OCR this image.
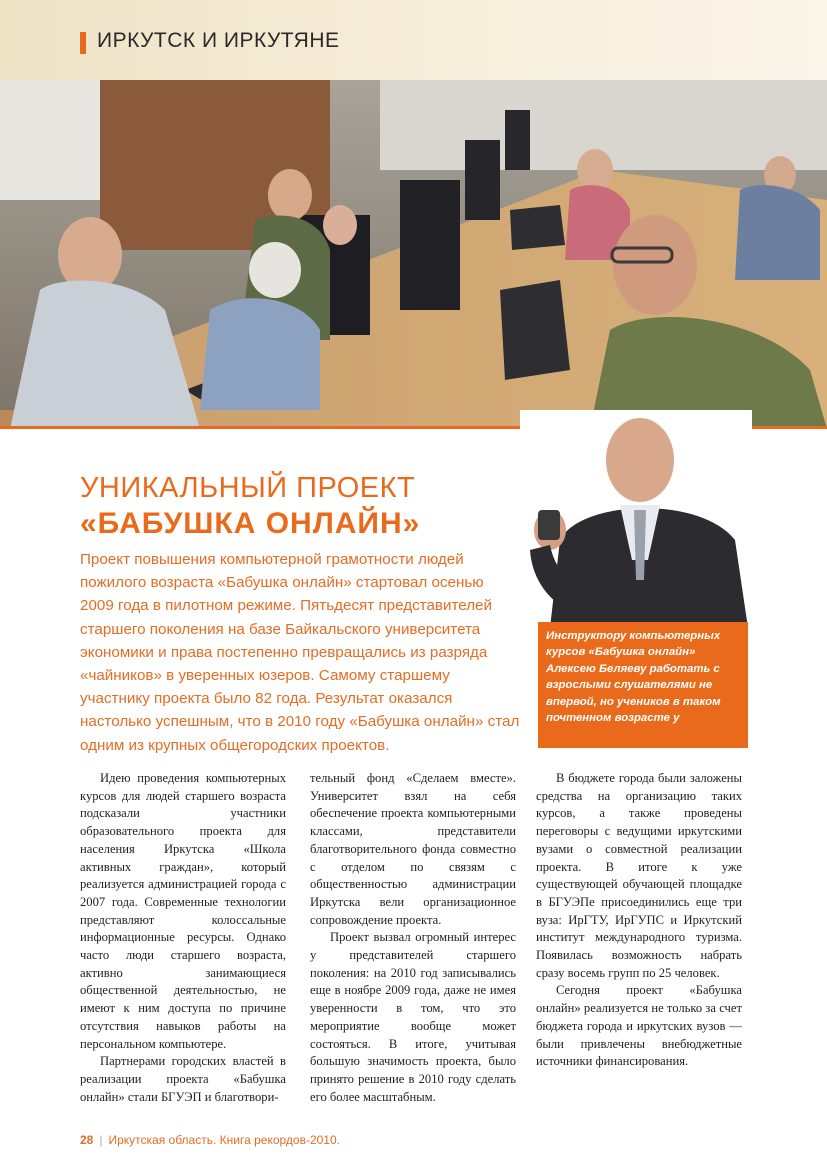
ИРКУТСК И ИРКУТЯНЕ
УНИКАЛЬНЫЙ ПРОЕКТ
«БАБУШКА ОНЛАЙН»
Проект повышения компьютерной грамотности людей пожилого возраста «Бабушка онлайн» стартовал осенью 2009 года в пилотном режиме. Пятьдесят представителей старшего поколения на базе Байкальского университета экономики и права постепенно превращались из разряда «чайников» в уверенных юзеров. Самому старшему участнику проекта было 82 года. Результат оказался настолько успешным, что в 2010 году «Бабушка онлайн» стал одним из крупных общегородских проектов.
Инструктору компьютерных курсов «Бабушка онлайн» Алексею Беляеву работать с взрослыми слушателями не впервой, но учеников в таком почтенном возрасте у

Идею проведения компьютерных курсов для людей старшего возраста подсказали участники образовательного проекта для населения Иркутска «Школа активных граждан», который реализуется администрацией города с 2007 года. Современные технологии представляют колоссальные информационные ресурсы. Однако часто люди старшего возраста, активно занимающиеся общественной деятельностью, не имеют к ним доступа по причине отсутствия навыков работы на персональном компьютере.

Партнерами городских властей в реализации проекта «Бабушка онлайн» стали БГУЭП и благотвори-

тельный фонд «Сделаем вместе». Университет взял на себя обеспечение проекта компьютерными классами, представители благотворительного фонда совместно с отделом по связям с общественностью администрации Иркутска вели организационное сопровождение проекта.

Проект вызвал огромный интерес у представителей старшего поколения: на 2010 год записывались еще в ноябре 2009 года, даже не имея уверенности в том, что это мероприятие вообще может состояться. В итоге, учитывая большую значимость проекта, было принято решение в 2010 году сделать его более масштабным.

В бюджете города были заложены средства на организацию таких курсов, а также проведены переговоры с ведущими иркутскими вузами о совместной реализации проекта. В итоге к уже существующей обучающей площадке в БГУЭПе присоединились еще три вуза: ИрГТУ, ИрГУПС и Иркутский институт международного туризма. Появилась возможность набрать сразу восемь групп по 25 человек.

Сегодня проект «Бабушка онлайн» реализуется не только за счет бюджета города и иркутских вузов — были привлечены внебюджетные источники финансирования.

28 | Иркутская область. Книга рекордов-2010.
